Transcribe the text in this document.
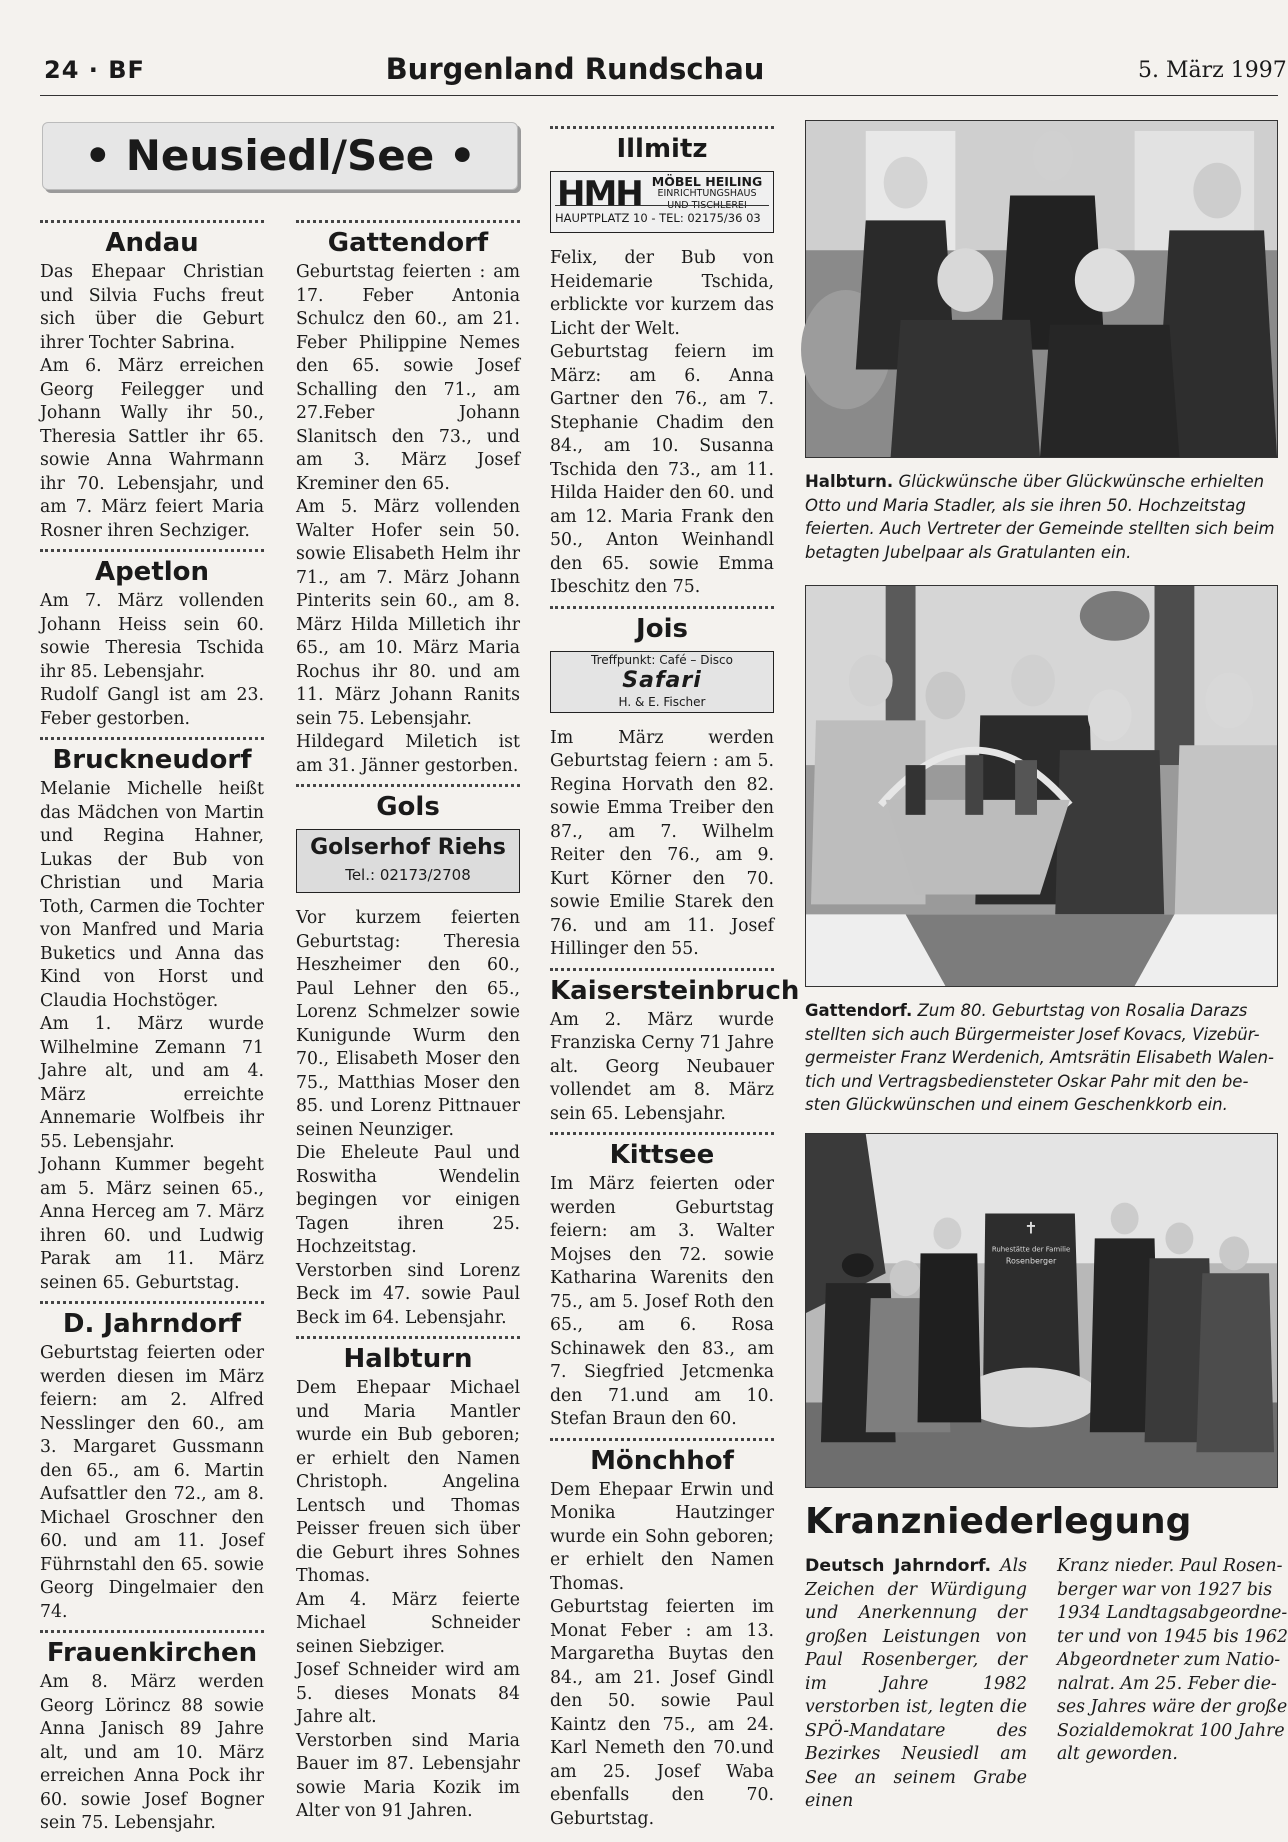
24 · BF	Burgenland Rundschau	5. März 1997
• Neusiedl/See •
Andau

Das Ehepaar Christian und Silvia Fuchs freut sich über die Geburt ihrer Tochter Sabrina.

Am 6. März erreichen Georg Feilegger und Johann Wally ihr 50., Theresia Sattler ihr 65. sowie Anna Wahrmann ihr 70. Lebensjahr, und am 7. März feiert Maria Rosner ihren Sechziger.

Apetlon

Am 7. März vollenden Johann Heiss sein 60. sowie Theresia Tschida ihr 85. Lebensjahr.

Rudolf Gangl ist am 23. Feber gestorben.

Bruckneudorf

Melanie Michelle heißt das Mädchen von Martin und Regina Hahner, Lukas der Bub von Christian und Maria Toth, Carmen die Tochter von Manfred und Maria Buketics und Anna das Kind von Horst und Claudia Hochstöger.

Am 1. März wurde Wilhelmine Zemann 71 Jahre alt, und am 4. März erreichte Annemarie Wolfbeis ihr 55. Lebensjahr.

Johann Kummer begeht am 5. März seinen 65., Anna Herceg am 7. März ihren 60. und Ludwig Parak am 11. März seinen 65. Geburtstag.

D. Jahrndorf

Geburtstag feierten oder werden diesen im März feiern: am 2. Alfred Nesslinger den 60., am 3. Margaret Gussmann den 65., am 6. Martin Aufsattler den 72., am 8. Michael Groschner den 60. und am 11. Josef Führnstahl den 65. sowie Georg Dingelmaier den 74.

Frauenkirchen

Am 8. März werden Georg Lörincz 88 sowie Anna Janisch 89 Jahre alt, und am 10. März erreichen Anna Pock ihr 60. sowie Josef Bogner sein 75. Lebensjahr.

Gattendorf

Geburtstag feierten : am 17. Feber Antonia Schulcz den 60., am 21. Feber Philippine Nemes den 65. sowie Josef Schalling den 71., am 27.Feber Johann Slanitsch den 73., und am 3. März Josef Kreminer den 65.

Am 5. März vollenden Walter Hofer sein 50. sowie Elisabeth Helm ihr 71., am 7. März Johann Pinterits sein 60., am 8. März Hilda Milletich ihr 65., am 10. März Maria Rochus ihr 80. und am 11. März Johann Ranits sein 75. Lebensjahr.

Hildegard Miletich ist am 31. Jänner gestorben.

Gols
Golserhof Riehs
Tel.: 02173/2708

Vor kurzem feierten Geburtstag: Theresia Heszheimer den 60., Paul Lehner den 65., Lorenz Schmelzer sowie Kunigunde Wurm den 70., Elisabeth Moser den 75., Matthias Moser den 85. und Lorenz Pittnauer seinen Neunziger.

Die Eheleute Paul und Roswitha Wendelin begingen vor einigen Tagen ihren 25. Hochzeitstag.

Verstorben sind Lorenz Beck im 47. sowie Paul Beck im 64. Lebensjahr.

Halbturn

Dem Ehepaar Michael und Maria Mantler wurde ein Bub geboren; er erhielt den Namen Christoph. Angelina Lentsch und Thomas Peisser freuen sich über die Geburt ihres Sohnes Thomas.

Am 4. März feierte Michael Schneider seinen Siebziger.

Josef Schneider wird am 5. dieses Monats 84 Jahre alt.

Verstorben sind Maria Bauer im 87. Lebensjahr sowie Maria Kozik im Alter von 91 Jahren.

Illmitz
HMH MÖBEL HEILING
EINRICHTUNGSHAUS
UND TISCHLEREI
HAUPTPLATZ 10 - TEL: 02175/36 03

Felix, der Bub von Heidemarie Tschida, erblickte vor kurzem das Licht der Welt.

Geburtstag feiern im März: am 6. Anna Gartner den 76., am 7. Stephanie Chadim den 84., am 10. Susanna Tschida den 73., am 11. Hilda Haider den 60. und am 12. Maria Frank den 50., Anton Weinhandl den 65. sowie Emma Ibeschitz den 75.

Jois
Treffpunkt: Café – Disco
Safari
H. & E. Fischer

Im März werden Geburtstag feiern : am 5. Regina Horvath den 82. sowie Emma Treiber den 87., am 7. Wilhelm Reiter den 76., am 9. Kurt Körner den 70. sowie Emilie Starek den 76. und am 11. Josef Hillinger den 55.

Kaisersteinbruch

Am 2. März wurde Franziska Cerny 71 Jahre alt. Georg Neubauer vollendet am 8. März sein 65. Lebensjahr.

Kittsee

Im März feierten oder werden Geburtstag feiern: am 3. Walter Mojses den 72. sowie Katharina Warenits den 75., am 5. Josef Roth den 65., am 6. Rosa Schinawek den 83., am 7. Siegfried Jetcmenka den 71.und am 10. Stefan Braun den 60.

Mönchhof

Dem Ehepaar Erwin und Monika Hautzinger wurde ein Sohn geboren; er erhielt den Namen Thomas.

Geburtstag feierten im Monat Feber : am 13. Margaretha Buytas den 84., am 21. Josef Gindl den 50. sowie Paul Kaintz den 75., am 24. Karl Nemeth den 70.und am 25. Josef Waba ebenfalls den 70. Geburtstag.

Halbturn. Glückwünsche über Glückwünsche erhielten
Otto und Maria Stadler, als sie ihren 50. Hochzeitstag
feierten. Auch Vertreter der Gemeinde stellten sich beim
betagten Jubelpaar als Gratulanten ein.
Gattendorf. Zum 80. Geburtstag von Rosalia Darazs
stellten sich auch Bürgermeister Josef Kovacs, Vizebür-
germeister Franz Werdenich, Amtsrätin Elisabeth Walen-
tich und Vertragsbediensteter Oskar Pahr mit den be-
sten Glückwünschen und einem Geschenkkorb ein.
✝
Ruhestätte der Familie
Rosenberger
Kranzniederlegung
Deutsch Jahrndorf. Als Zeichen der Würdigung und Anerkennung der großen Leistungen von Paul Rosenberger, der im Jahre 1982 verstorben ist, legten die SPÖ-Mandatare des Bezirkes Neusiedl am See an seinem Grabe einen
Kranz nieder. Paul Rosen-
berger war von 1927 bis
1934 Landtagsabgeordne-
ter und von 1945 bis 1962
Abgeordneter zum Natio-
nalrat. Am 25. Feber die-
ses Jahres wäre der große
Sozialdemokrat 100 Jahre
alt geworden.
